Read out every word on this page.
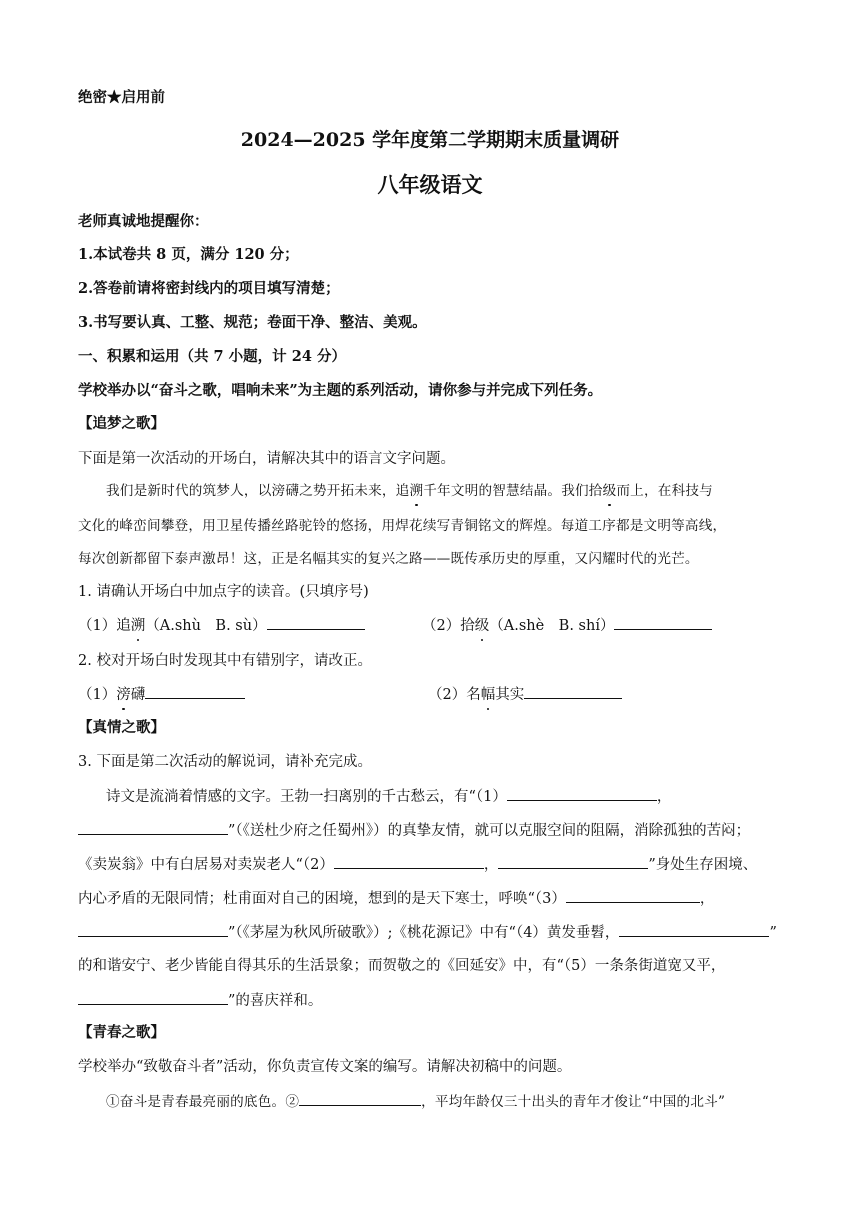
绝密★启用前
2024—2025 学年度第二学期期末质量调研
八年级语文
老师真诚地提醒你：
1.本试卷共 8 页，满分 120 分；
2.答卷前请将密封线内的项目填写清楚；
3.书写要认真、工整、规范；卷面干净、整洁、美观。
一、积累和运用（共 7 小题，计 24 分）
学校举办以“奋斗之歌，唱响未来”为主题的系列活动，请你参与并完成下列任务。
【追梦之歌】
下面是第一次活动的开场白，请解决其中的语言文字问题。
我们是新时代的筑梦人，以滂礴之势开拓未来，追溯千年文明的智慧结晶。我们拾级而上，在科技与
文化的峰峦间攀登，用卫星传播丝路驼铃的悠扬，用焊花续写青铜铭文的辉煌。每道工序都是文明等高线，
每次创新都留下泰声激昂！这，正是名幅其实的复兴之路——既传承历史的厚重，又闪耀时代的光芒。
1. 请确认开场白中加点字的读音。(只填序号)
（1）追溯（A.shù　B. sù）	（2）拾级（A.shè　B. shí）
2. 校对开场白时发现其中有错别字，请改正。
（1）滂礴	（2）名幅其实
【真情之歌】
3. 下面是第二次活动的解说词，请补充完成。
诗文是流淌着情感的文字。王勃一扫离别的千古愁云，有“（1）	，
”（《送杜少府之任蜀州》）的真挚友情，就可以克服空间的阻隔，消除孤独的苦闷；
《卖炭翁》中有白居易对卖炭老人“（2）	，	”身处生存困境、
内心矛盾的无限同情；杜甫面对自己的困境，想到的是天下寒士，呼唤“（3）	，
”（《茅屋为秋风所破歌》）;《桃花源记》中有“（4）黄发垂髫，	”
的和谐安宁、老少皆能自得其乐的生活景象；而贺敬之的《回延安》中，有“（5）一条条街道宽又平，
”的喜庆祥和。
【青春之歌】
学校举办“致敬奋斗者”活动，你负责宣传文案的编写。请解决初稿中的问题。
①奋斗是青春最亮丽的底色。②	，平均年龄仅三十出头的青年才俊让“中国的北斗”
